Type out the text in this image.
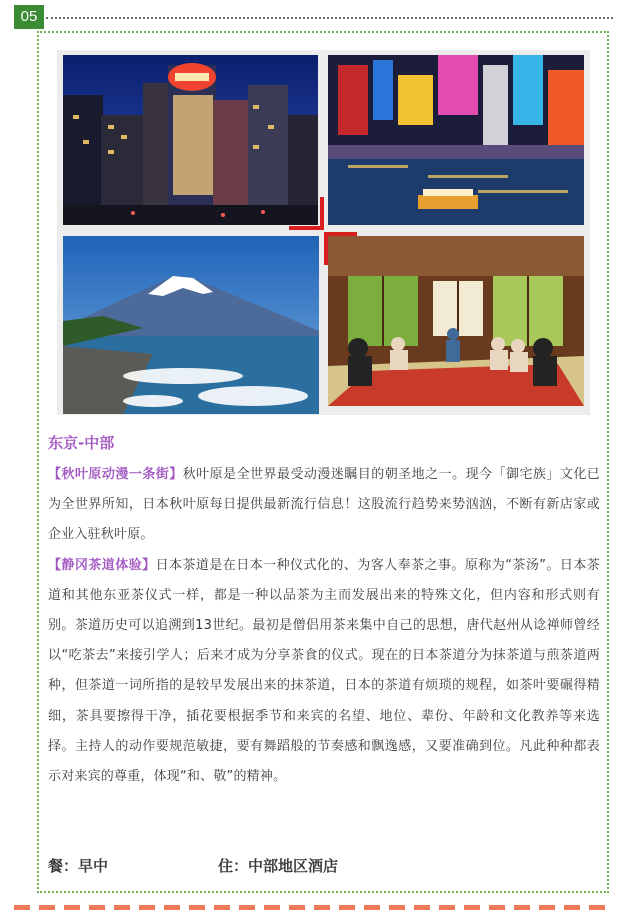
05
东京-中部

【秋叶原动漫一条街】秋叶原是全世界最受动漫迷瞩目的朝圣地之一。现今「御宅族」文化已为全世界所知，日本秋叶原每日提供最新流行信息！这股流行趋势来势汹汹，不断有新店家或企业入驻秋叶原。

【静冈茶道体验】日本茶道是在日本一种仪式化的、为客人奉茶之事。原称为“茶汤”。日本茶道和其他东亚茶仪式一样，都是一种以品茶为主而发展出来的特殊文化，但内容和形式则有别。茶道历史可以追溯到13世纪。最初是僧侣用茶来集中自己的思想，唐代赵州从谂禅师曾经以“吃茶去”来接引学人；后来才成为分享茶食的仪式。现在的日本茶道分为抹茶道与煎茶道两种，但茶道一词所指的是较早发展出来的抹茶道，日本的茶道有烦琐的规程，如茶叶要碾得精细，茶具要擦得干净，插花要根据季节和来宾的名望、地位、辈份、年龄和文化教养等来选择。主持人的动作要规范敏捷，要有舞蹈般的节奏感和飘逸感，又要准确到位。凡此种种都表示对来宾的尊重，体现“和、敬”的精神。

餐：早中	住：中部地区酒店
